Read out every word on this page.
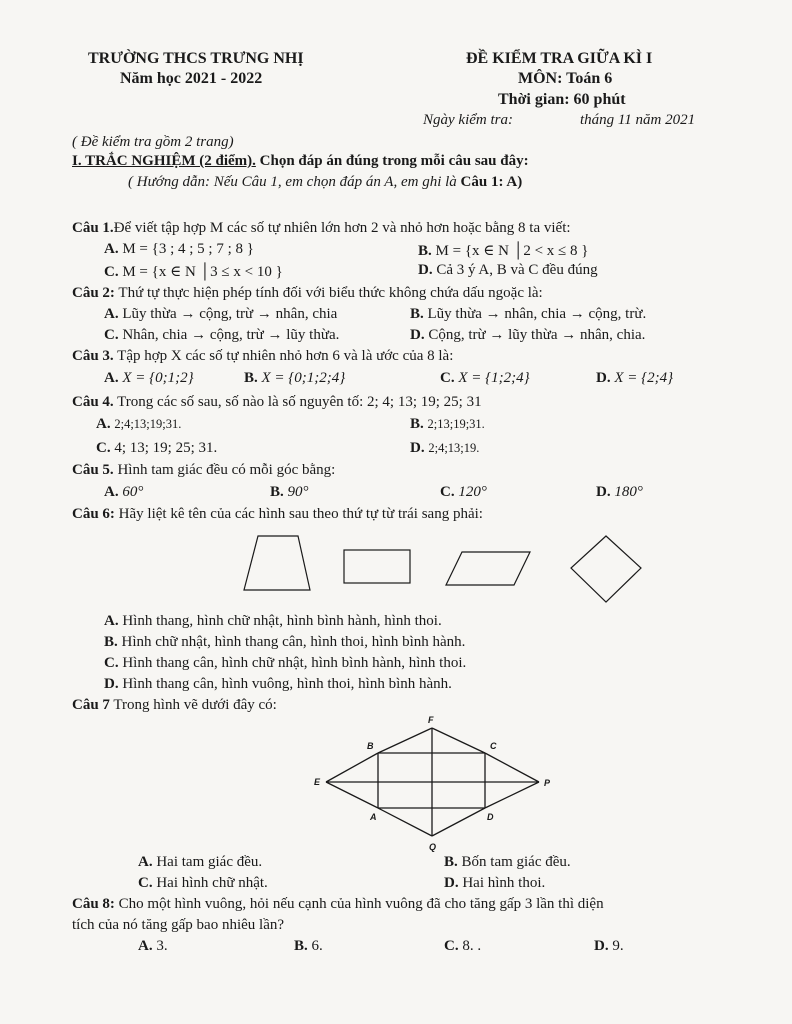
TRƯỜNG THCS TRƯNG NHỊ
Năm học 2021 - 2022
ĐỀ KIỂM TRA GIỮA KÌ I
MÔN: Toán 6
Thời gian: 60 phút
Ngày kiểm tra:	tháng 11 năm 2021
( Đề kiểm tra gồm 2 trang)
I. TRẮC NGHIỆM (2 điểm). Chọn đáp án đúng trong mỗi câu sau đây:
( Hướng dẫn: Nếu Câu 1, em chọn đáp án A, em ghi là Câu 1: A)
Câu 1.Để viết tập hợp M các số tự nhiên lớn hơn 2 và nhỏ hơn hoặc bằng 8 ta viết:
A. M = {3 ; 4 ; 5 ; 7 ; 8 }	B. M = {x ∈ N │2 < x ≤ 8 }
C. M = {x ∈ N │3 ≤ x < 10 }	D. Cả 3 ý A, B và C đều đúng
Câu 2: Thứ tự thực hiện phép tính đối với biểu thức không chứa dấu ngoặc là:
A. Lũy thừa → cộng, trừ → nhân, chia	B. Lũy thừa → nhân, chia → cộng, trừ.
C. Nhân, chia → cộng, trừ → lũy thừa.	D. Cộng, trừ → lũy thừa → nhân, chia.
Câu 3. Tập hợp X các số tự nhiên nhỏ hơn 6 và là ước của 8 là:
A. X = {0;1;2}	B. X = {0;1;2;4}	C. X = {1;2;4}	D. X = {2;4}
Câu 4. Trong các số sau, số nào là số nguyên tố: 2; 4; 13; 19; 25; 31
A. 2;4;13;19;31.	B. 2;13;19;31.
C. 4; 13; 19; 25; 31.	D. 2;4;13;19.
Câu 5. Hình tam giác đều có mỗi góc bằng:
A. 60°	B. 90°	C. 120°	D. 180°
Câu 6: Hãy liệt kê tên của các hình sau theo thứ tự từ trái sang phải:
A. Hình thang, hình chữ nhật, hình bình hành, hình thoi.
B. Hình chữ nhật, hình thang cân, hình thoi, hình bình hành.
C. Hình thang cân, hình chữ nhật, hình bình hành, hình thoi.
D. Hình thang cân, hình vuông, hình thoi, hình bình hành.
Câu 7 Trong hình vẽ dưới đây có:
F
B	C
E	P
A	D
Q
A. Hai tam giác đều.	B. Bốn tam giác đều.
C. Hai hình chữ nhật.	D. Hai hình thoi.
Câu 8: Cho một hình vuông, hỏi nếu cạnh của hình vuông đã cho tăng gấp 3 lần thì diện
tích của nó tăng gấp bao nhiêu lần?
A. 3.	B. 6.	C. 8. .	D. 9.
